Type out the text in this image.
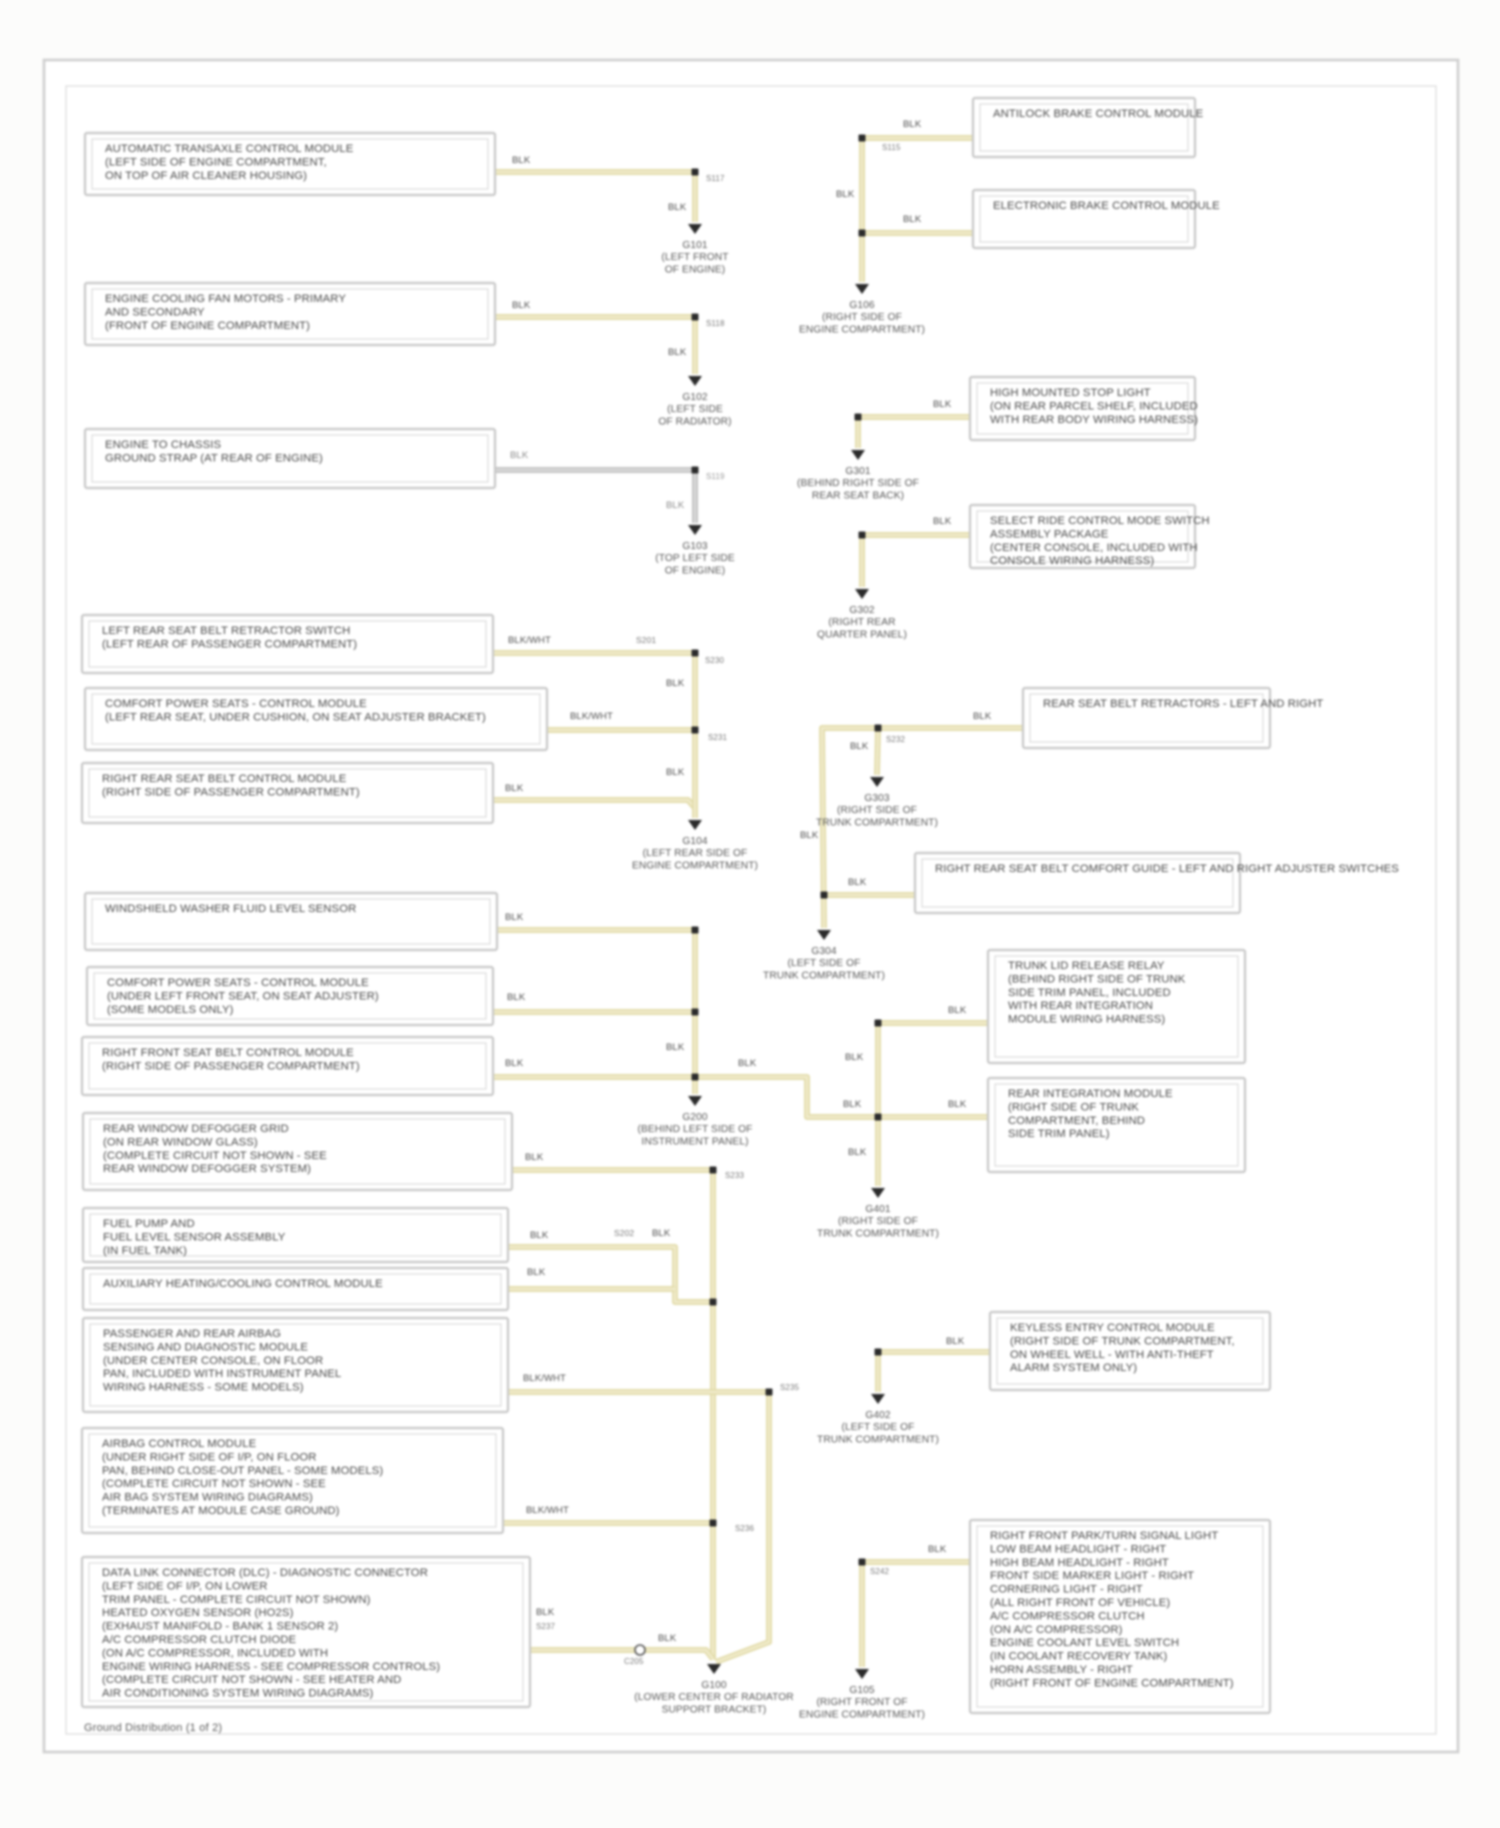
G101
(LEFT FRONT
OF ENGINE)
G102
(LEFT SIDE
OF RADIATOR)
G103
(TOP LEFT SIDE
OF ENGINE)
G104
(LEFT REAR SIDE OF
ENGINE COMPARTMENT)
G200
(BEHIND LEFT SIDE OF
INSTRUMENT PANEL)
G106
(RIGHT SIDE OF
ENGINE COMPARTMENT)
G301
(BEHIND RIGHT SIDE OF
REAR SEAT BACK)
G302
(RIGHT REAR
QUARTER PANEL)
G303
(RIGHT SIDE OF
TRUNK COMPARTMENT)
G304
(LEFT SIDE OF
TRUNK COMPARTMENT)
G401
(RIGHT SIDE OF
TRUNK COMPARTMENT)
G402
(LEFT SIDE OF
TRUNK COMPARTMENT)
G100
(LOWER CENTER OF RADIATOR
SUPPORT BRACKET)
G105
(RIGHT FRONT OF
ENGINE COMPARTMENT)
AUTOMATIC TRANSAXLE CONTROL MODULE
(LEFT SIDE OF ENGINE COMPARTMENT,
ON TOP OF AIR CLEANER HOUSING)
ENGINE COOLING FAN MOTORS - PRIMARY
AND SECONDARY
(FRONT OF ENGINE COMPARTMENT)
ENGINE TO CHASSIS
GROUND STRAP (AT REAR OF ENGINE)
LEFT REAR SEAT BELT RETRACTOR SWITCH
(LEFT REAR OF PASSENGER COMPARTMENT)
COMFORT POWER SEATS - CONTROL MODULE
(LEFT REAR SEAT, UNDER CUSHION, ON SEAT ADJUSTER BRACKET)
RIGHT REAR SEAT BELT CONTROL MODULE
(RIGHT SIDE OF PASSENGER COMPARTMENT)
WINDSHIELD WASHER FLUID LEVEL SENSOR
COMFORT POWER SEATS - CONTROL MODULE
(UNDER LEFT FRONT SEAT, ON SEAT ADJUSTER)
(SOME MODELS ONLY)
RIGHT FRONT SEAT BELT CONTROL MODULE
(RIGHT SIDE OF PASSENGER COMPARTMENT)
REAR WINDOW DEFOGGER GRID
(ON REAR WINDOW GLASS)
(COMPLETE CIRCUIT NOT SHOWN - SEE
REAR WINDOW DEFOGGER SYSTEM)
FUEL PUMP AND
FUEL LEVEL SENSOR ASSEMBLY
(IN FUEL TANK)
AUXILIARY HEATING/COOLING CONTROL MODULE
PASSENGER AND REAR AIRBAG
SENSING AND DIAGNOSTIC MODULE
(UNDER CENTER CONSOLE, ON FLOOR
PAN, INCLUDED WITH INSTRUMENT PANEL
WIRING HARNESS - SOME MODELS)
AIRBAG CONTROL MODULE
(UNDER RIGHT SIDE OF I/P, ON FLOOR
PAN, BEHIND CLOSE-OUT PANEL - SOME MODELS)
(COMPLETE CIRCUIT NOT SHOWN - SEE
AIR BAG SYSTEM WIRING DIAGRAMS)
(TERMINATES AT MODULE CASE GROUND)
DATA LINK CONNECTOR (DLC) - DIAGNOSTIC CONNECTOR
(LEFT SIDE OF I/P, ON LOWER
TRIM PANEL - COMPLETE CIRCUIT NOT SHOWN)
HEATED OXYGEN SENSOR (HO2S)
(EXHAUST MANIFOLD - BANK 1 SENSOR 2)
A/C COMPRESSOR CLUTCH DIODE
(ON A/C COMPRESSOR, INCLUDED WITH
ENGINE WIRING HARNESS - SEE COMPRESSOR CONTROLS)
(COMPLETE CIRCUIT NOT SHOWN - SEE HEATER AND
AIR CONDITIONING SYSTEM WIRING DIAGRAMS)
ANTILOCK BRAKE CONTROL MODULE
ELECTRONIC BRAKE CONTROL MODULE
HIGH MOUNTED STOP LIGHT
(ON REAR PARCEL SHELF, INCLUDED
WITH REAR BODY WIRING HARNESS)
SELECT RIDE CONTROL MODE SWITCH
ASSEMBLY PACKAGE
(CENTER CONSOLE, INCLUDED WITH
CONSOLE WIRING HARNESS)
REAR SEAT BELT RETRACTORS - LEFT AND RIGHT
RIGHT REAR SEAT BELT COMFORT GUIDE - LEFT AND RIGHT ADJUSTER SWITCHES
TRUNK LID RELEASE RELAY
(BEHIND RIGHT SIDE OF TRUNK
SIDE TRIM PANEL, INCLUDED
WITH REAR INTEGRATION
MODULE WIRING HARNESS)
REAR INTEGRATION MODULE
(RIGHT SIDE OF TRUNK
COMPARTMENT, BEHIND
SIDE TRIM PANEL)
KEYLESS ENTRY CONTROL MODULE
(RIGHT SIDE OF TRUNK COMPARTMENT,
ON WHEEL WELL - WITH ANTI-THEFT
ALARM SYSTEM ONLY)
RIGHT FRONT PARK/TURN SIGNAL LIGHT
LOW BEAM HEADLIGHT - RIGHT
HIGH BEAM HEADLIGHT - RIGHT
FRONT SIDE MARKER LIGHT - RIGHT
CORNERING LIGHT - RIGHT
(ALL RIGHT FRONT OF VEHICLE)
A/C COMPRESSOR CLUTCH
(ON A/C COMPRESSOR)
ENGINE COOLANT LEVEL SWITCH
(IN COOLANT RECOVERY TANK)
HORN ASSEMBLY - RIGHT
(RIGHT FRONT OF ENGINE COMPARTMENT)
BLK
BLK
S117
BLK
BLK
S118
BLK
BLK
S119
BLK/WHT	S201
S230
BLK
BLK/WHT
S231
BLK
BLK
BLK
BLK
BLK
BLK
BLK
BLK
S233
BLK	S202 BLK
BLK
BLK/WHT
S235
BLK/WHT
S236
BLK
S237
BLK
C205
BLK
BLK
S115
BLK
BLK
BLK
BLK
BLK
S232
BLK
BLK
BLK
BLK
BLK	BLK
BLK
BLK
BLK
S242
Ground Distribution (1 of 2)
